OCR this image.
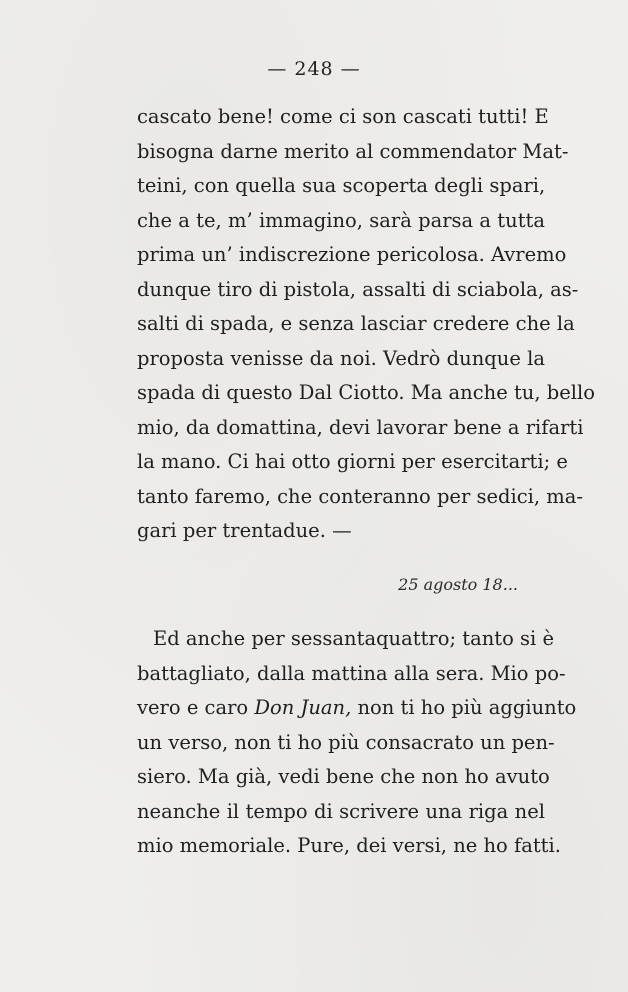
— 248 —
cascato bene! come ci son cascati tutti! E
bisogna darne merito al commendator Mat-
teini, con quella sua scoperta degli spari,
che a te, m’ immagino, sarà parsa a tutta
prima un’ indiscrezione pericolosa. Avremo
dunque tiro di pistola, assalti di sciabola, as-
salti di spada, e senza lasciar credere che la
proposta venisse da noi. Vedrò dunque la
spada di questo Dal Ciotto. Ma anche tu, bello
mio, da domattina, devi lavorar bene a rifarti
la mano. Ci hai otto giorni per esercitarti; e
tanto faremo, che conteranno per sedici, ma-
gari per trentadue. —
25 agosto 18...
Ed anche per sessantaquattro; tanto si è
battagliato, dalla mattina alla sera. Mio po-
vero e caro Don Juan, non ti ho più aggiunto
un verso, non ti ho più consacrato un pen-
siero. Ma già, vedi bene che non ho avuto
neanche il tempo di scrivere una riga nel
mio memoriale. Pure, dei versi, ne ho fatti.
